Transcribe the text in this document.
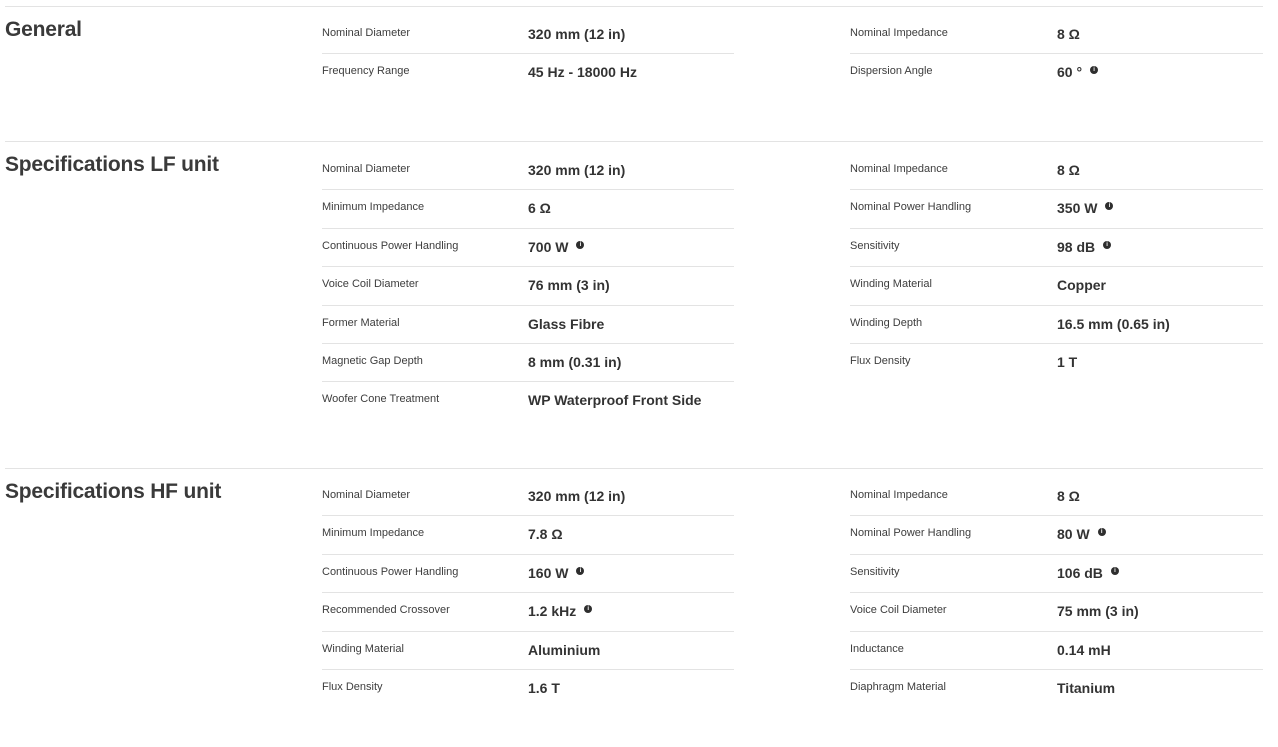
General	Nominal Diameter	320 mm (12 in)
Frequency Range	45 Hz - 18000 Hz
Nominal Impedance	8 Ω
Dispersion Angle	60 °	i
Specifications LF unit	Nominal Diameter	320 mm (12 in)
Minimum Impedance	6 Ω
Continuous Power Handling	700 W	i
Voice Coil Diameter	76 mm (3 in)
Former Material	Glass Fibre
Magnetic Gap Depth	8 mm (0.31 in)
Woofer Cone Treatment	WP Waterproof Front Side
Nominal Impedance	8 Ω
Nominal Power Handling	350 W	i
Sensitivity	98 dB	i
Winding Material	Copper
Winding Depth	16.5 mm (0.65 in)
Flux Density	1 T
Specifications HF unit	Nominal Diameter	320 mm (12 in)
Minimum Impedance	7.8 Ω
Continuous Power Handling	160 W	i
Recommended Crossover	1.2 kHz	i
Winding Material	Aluminium
Flux Density	1.6 T
Nominal Impedance	8 Ω
Nominal Power Handling	80 W	i
Sensitivity	106 dB	i
Voice Coil Diameter	75 mm (3 in)
Inductance	0.14 mH
Diaphragm Material	Titanium
